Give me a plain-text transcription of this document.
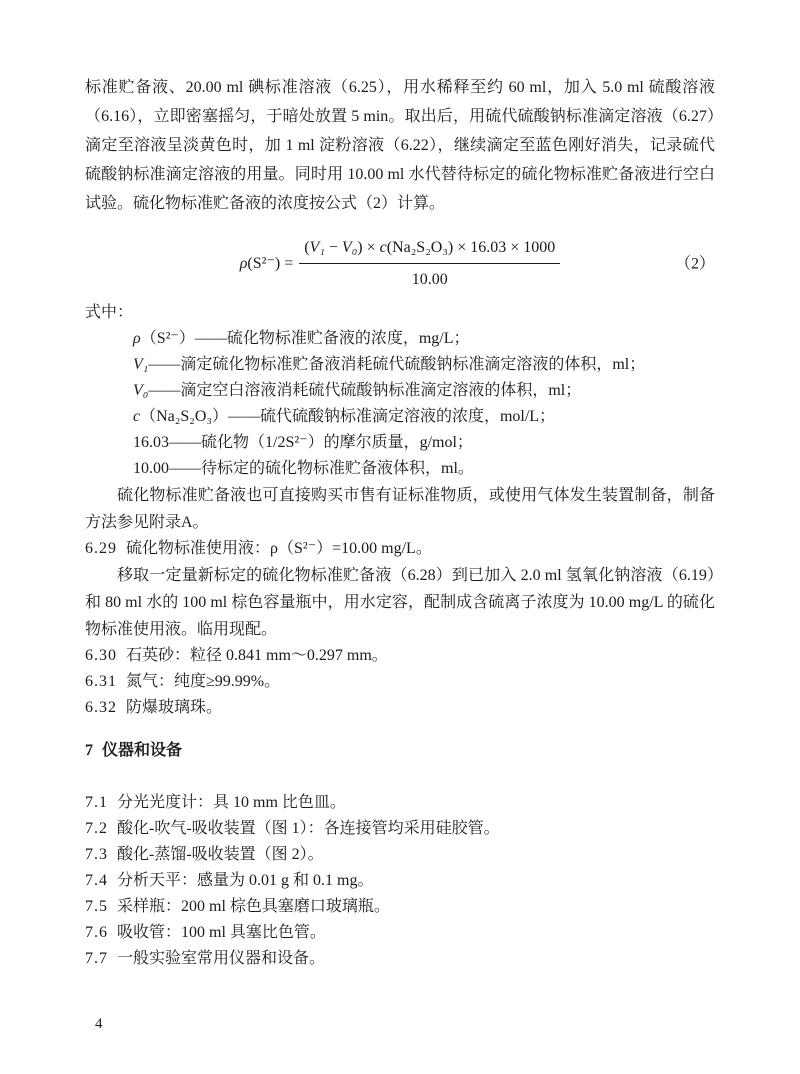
标准贮备液、20.00 ml 碘标准溶液（6.25），用水稀释至约 60 ml，加入 5.0 ml 硫酸溶液（6.16），立即密塞摇匀，于暗处放置 5 min。取出后，用硫代硫酸钠标准滴定溶液（6.27）滴定至溶液呈淡黄色时，加 1 ml 淀粉溶液（6.22），继续滴定至蓝色刚好消失，记录硫代硫酸钠标准滴定溶液的用量。同时用 10.00 ml 水代替待标定的硫化物标准贮备液进行空白试验。硫化物标准贮备液的浓度按公式（2）计算。

$\rho(S^{2-}) = \frac{\text{(V₁ − V₀) × c(Na₂S₂O₃) × 16.03 × 1000}}{10.00}$	（2）
式中：
ρ（S²⁻）——硫化物标准贮备液的浓度，mg/L；
V₁——滴定硫化物标准贮备液消耗硫代硫酸钠标准滴定溶液的体积，ml；
V₀——滴定空白溶液消耗硫代硫酸钠标准滴定溶液的体积，ml；
c（Na₂S₂O₃）——硫代硫酸钠标准滴定溶液的浓度，mol/L；
16.03——硫化物（1/2S²⁻）的摩尔质量，g/mol；
10.00——待标定的硫化物标准贮备液体积，ml。

硫化物标准贮备液也可直接购买市售有证标准物质，或使用气体发生装置制备，制备方法参见附录A。

6.29 硫化物标准使用液：ρ（S²⁻）=10.00 mg/L。

移取一定量新标定的硫化物标准贮备液（6.28）到已加入 2.0 ml 氢氧化钠溶液（6.19）和 80 ml 水的 100 ml 棕色容量瓶中，用水定容，配制成含硫离子浓度为 10.00 mg/L 的硫化物标准使用液。临用现配。

6.30 石英砂：粒径 0.841 mm～0.297 mm。
6.31 氮气：纯度≥99.99%。
6.32 防爆玻璃珠。
7 仪器和设备
7.1 分光光度计：具 10 mm 比色皿。
7.2 酸化-吹气-吸收装置（图 1）：各连接管均采用硅胶管。
7.3 酸化-蒸馏-吸收装置（图 2）。
7.4 分析天平：感量为 0.01 g 和 0.1 mg。
7.5 采样瓶：200 ml 棕色具塞磨口玻璃瓶。
7.6 吸收管：100 ml 具塞比色管。
7.7 一般实验室常用仪器和设备。
4
